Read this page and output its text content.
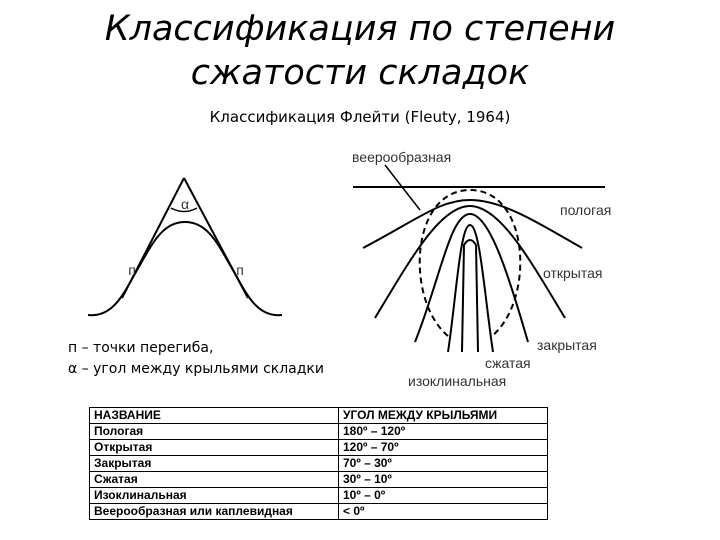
Классификация по степени
сжатости складок
Классификация Флейти (Fleuty, 1964)
α
п	п
веерообразная
пологая
открытая
закрытая
сжатая
изоклинальная
п – точки перегиба,
α – угол между крыльями складки
НАЗВАНИЕ	УГОЛ МЕЖДУ КРЫЛЬЯМИ
Пологая	180º – 120º
Открытая	120º – 70º
Закрытая	70º – 30º
Сжатая	30º – 10º
Изоклинальная	10º – 0º
Веерообразная или каплевидная	< 0º
